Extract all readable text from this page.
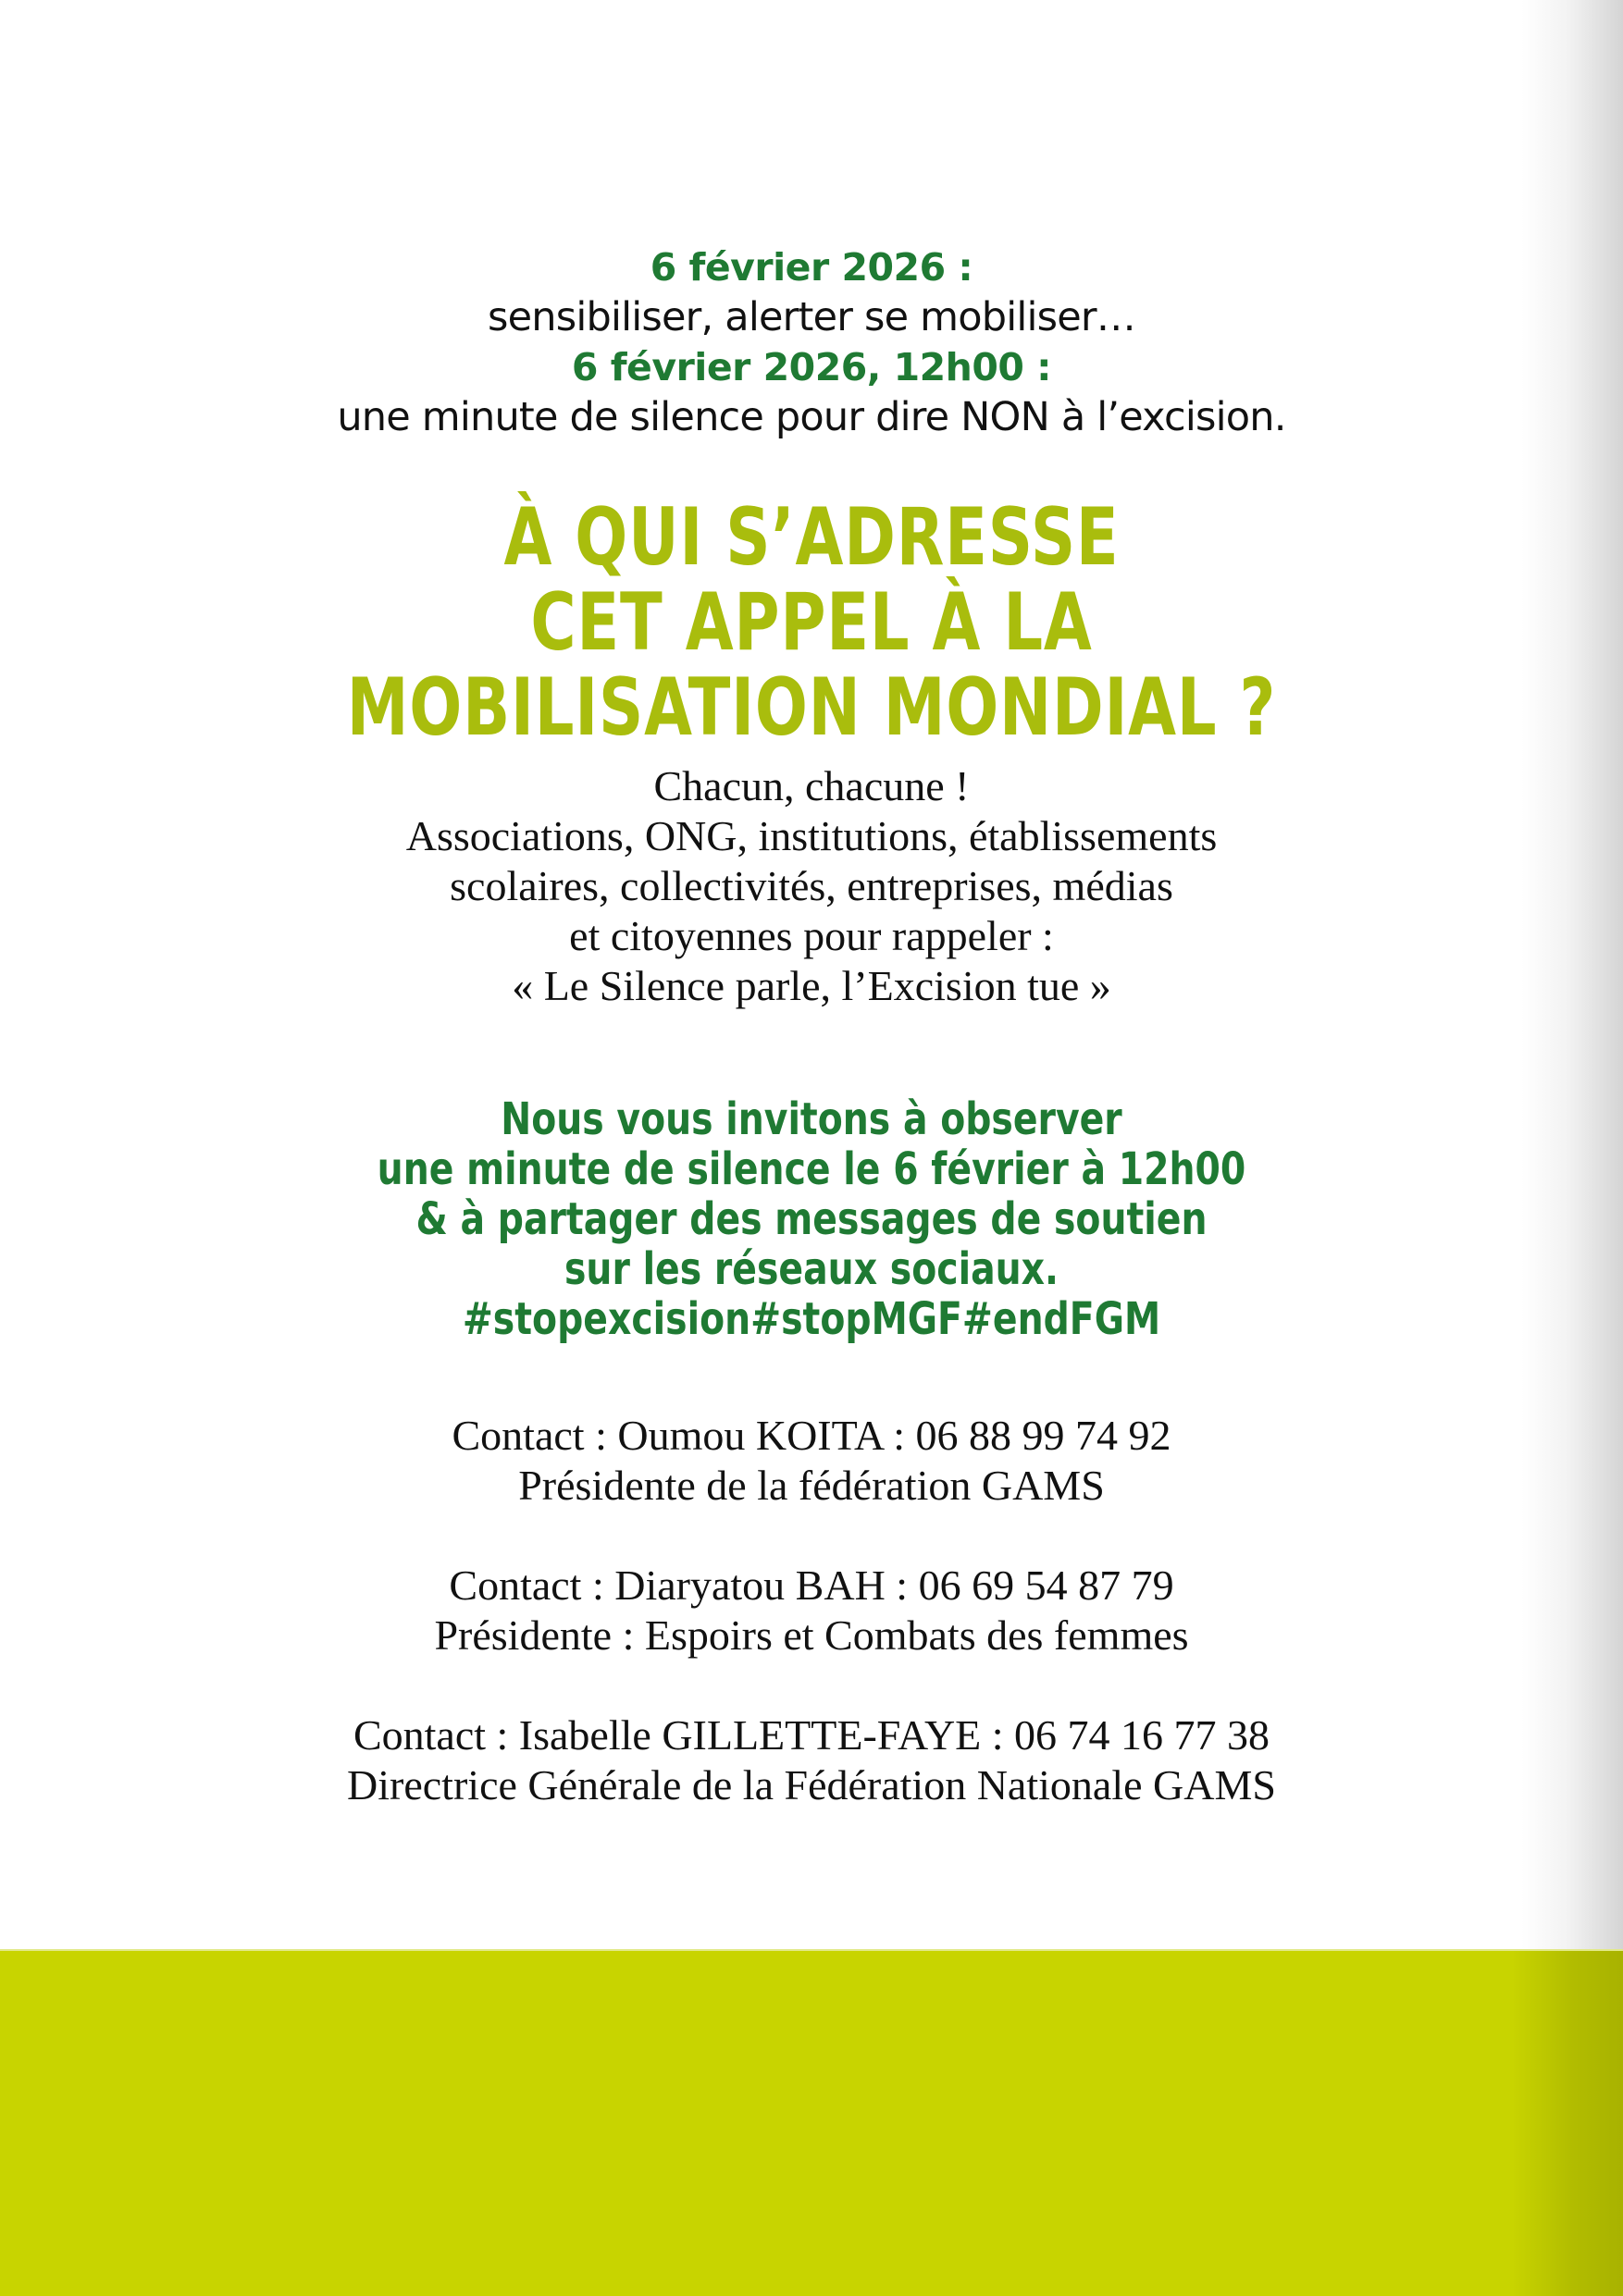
6 février 2026 :
sensibiliser, alerter se mobiliser…
6 février 2026, 12h00 :
une minute de silence pour dire NON à l’excision.
À QUI S’ADRESSE
CET APPEL À LA
MOBILISATION MONDIAL ?
Chacun, chacune !
Associations, ONG, institutions, établissements
scolaires, collectivités, entreprises, médias
et citoyennes pour rappeler :
« Le Silence parle, l’Excision tue »
Nous vous invitons à observer
une minute de silence le 6 février à 12h00
& à partager des messages de soutien
sur les réseaux sociaux.
#stopexcision#stopMGF#endFGM
Contact : Oumou KOITA : 06 88 99 74 92
Présidente de la fédération GAMS
Contact : Diaryatou BAH : 06 69 54 87 79
Présidente : Espoirs et Combats des femmes
Contact : Isabelle GILLETTE-FAYE : 06 74 16 77 38
Directrice Générale de la Fédération Nationale GAMS
